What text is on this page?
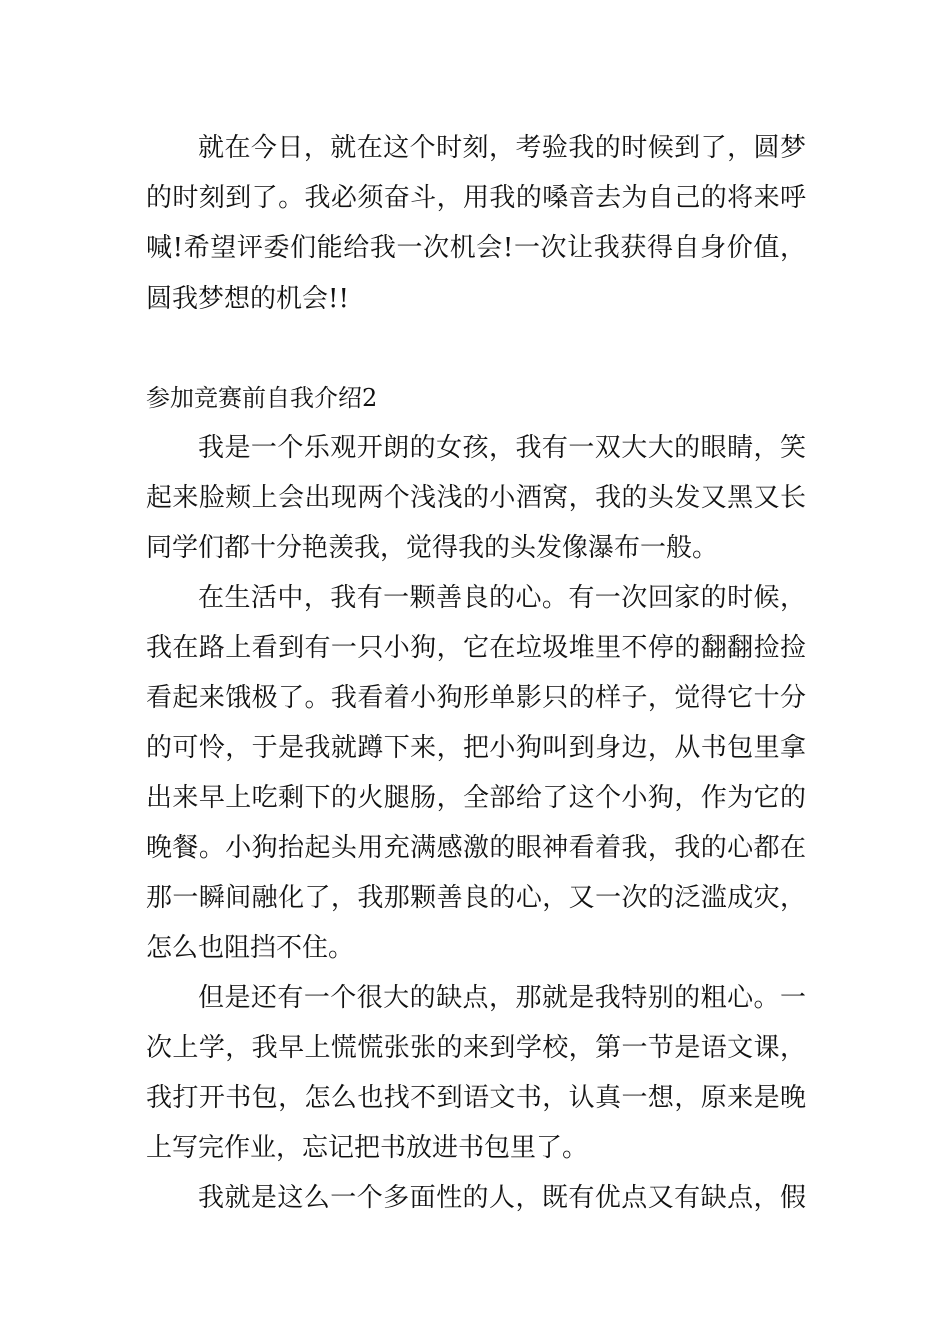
就在今日，就在这个时刻，考验我的时候到了，圆梦
的时刻到了。我必须奋斗，用我的嗓音去为自己的将来呼
喊!希望评委们能给我一次机会!一次让我获得自身价值，
圆我梦想的机会!!
参加竞赛前自我介绍2
我是一个乐观开朗的女孩，我有一双大大的眼睛，笑
起来脸颊上会出现两个浅浅的小酒窝，我的头发又黑又长
同学们都十分艳羡我，觉得我的头发像瀑布一般。
在生活中，我有一颗善良的心。有一次回家的时候，
我在路上看到有一只小狗，它在垃圾堆里不停的翻翻捡捡
看起来饿极了。我看着小狗形单影只的样子，觉得它十分
的可怜，于是我就蹲下来，把小狗叫到身边，从书包里拿
出来早上吃剩下的火腿肠，全部给了这个小狗，作为它的
晚餐。小狗抬起头用充满感激的眼神看着我，我的心都在
那一瞬间融化了，我那颗善良的心，又一次的泛滥成灾，
怎么也阻挡不住。
但是还有一个很大的缺点，那就是我特别的粗心。一
次上学，我早上慌慌张张的来到学校，第一节是语文课，
我打开书包，怎么也找不到语文书，认真一想，原来是晚
上写完作业，忘记把书放进书包里了。
我就是这么一个多面性的人，既有优点又有缺点，假
